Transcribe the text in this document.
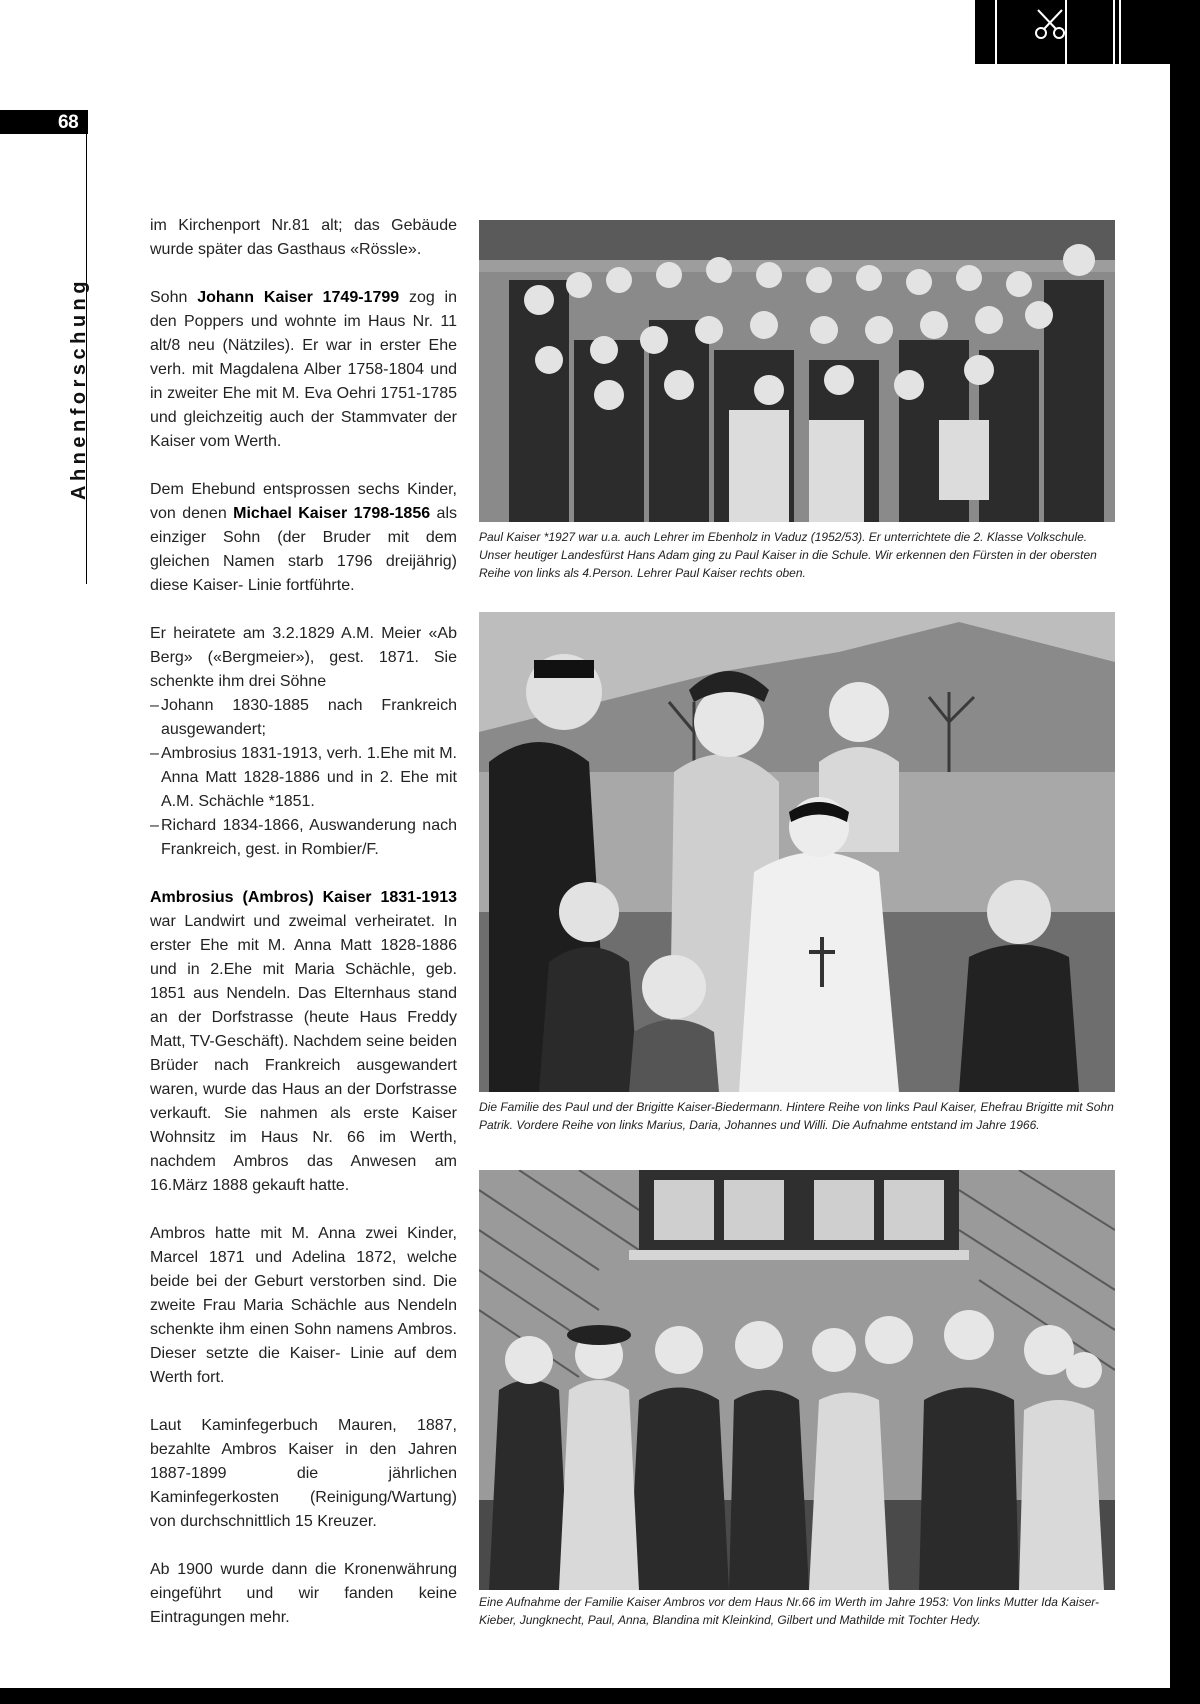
68
Ahnenforschung

im Kirchenport Nr.81 alt; das Gebäude wurde später das Gasthaus «Rössle».

Sohn Johann Kaiser 1749-1799 zog in den Poppers und wohnte im Haus Nr. 11 alt/8 neu (Nätziles). Er war in erster Ehe verh. mit Magdalena Alber 1758-1804 und in zweiter Ehe mit M. Eva Oehri 1751-1785 und gleichzeitig auch der Stammvater der Kaiser vom Werth.

Dem Ehebund entsprossen sechs Kinder, von denen Michael Kaiser 1798-1856 als einziger Sohn (der Bruder mit dem gleichen Namen starb 1796 dreijährig) diese Kaiser- Linie fortführte.

Er heiratete am 3.2.1829 A.M. Meier «Ab Berg» («Bergmeier»), gest. 1871. Sie schenkte ihm drei Söhne

– Johann 1830-1885 nach Frankreich ausgewandert;
– Ambrosius 1831-1913, verh. 1.Ehe mit M. Anna Matt 1828-1886 und in 2. Ehe mit A.M. Schächle *1851.
– Richard 1834-1866, Auswanderung nach Frankreich, gest. in Rombier/F.

Ambrosius (Ambros) Kaiser 1831-1913 war Landwirt und zweimal verheiratet. In erster Ehe mit M. Anna Matt 1828-1886 und in 2.Ehe mit Maria Schächle, geb. 1851 aus Nendeln. Das Elternhaus stand an der Dorfstrasse (heute Haus Freddy Matt, TV-Geschäft). Nachdem seine beiden Brüder nach Frankreich ausgewandert waren, wurde das Haus an der Dorfstrasse verkauft. Sie nahmen als erste Kaiser Wohnsitz im Haus Nr. 66 im Werth, nachdem Ambros das Anwesen am 16.März 1888 gekauft hatte.

Ambros hatte mit M. Anna zwei Kinder, Marcel 1871 und Adelina 1872, welche beide bei der Geburt verstorben sind. Die zweite Frau Maria Schächle aus Nendeln schenkte ihm einen Sohn namens Ambros. Dieser setzte die Kaiser- Linie auf dem Werth fort.

Laut Kaminfegerbuch Mauren, 1887, bezahlte Ambros Kaiser in den Jahren 1887-1899 die jährlichen Kaminfegerkosten (Reinigung/Wartung) von durchschnittlich 15 Kreuzer.

Ab 1900 wurde dann die Kronenwährung eingeführt und wir fanden keine Eintragungen mehr.

Paul Kaiser *1927 war u.a. auch Lehrer im Ebenholz in Vaduz (1952/53). Er unterrichtete die 2. Klasse Volkschule. Unser heutiger Landesfürst Hans Adam ging zu Paul Kaiser in die Schule. Wir erkennen den Fürsten in der obersten Reihe von links als 4.Person. Lehrer Paul Kaiser rechts oben.
Die Familie des Paul und der Brigitte Kaiser-Biedermann. Hintere Reihe von links Paul Kaiser, Ehefrau Brigitte mit Sohn Patrik. Vordere Reihe von links Marius, Daria, Johannes und Willi. Die Aufnahme entstand im Jahre 1966.
Eine Aufnahme der Familie Kaiser Ambros vor dem Haus Nr.66 im Werth im Jahre 1953: Von links Mutter Ida Kaiser-Kieber, Jungknecht, Paul, Anna, Blandina mit Kleinkind, Gilbert und Mathilde mit Tochter Hedy.
